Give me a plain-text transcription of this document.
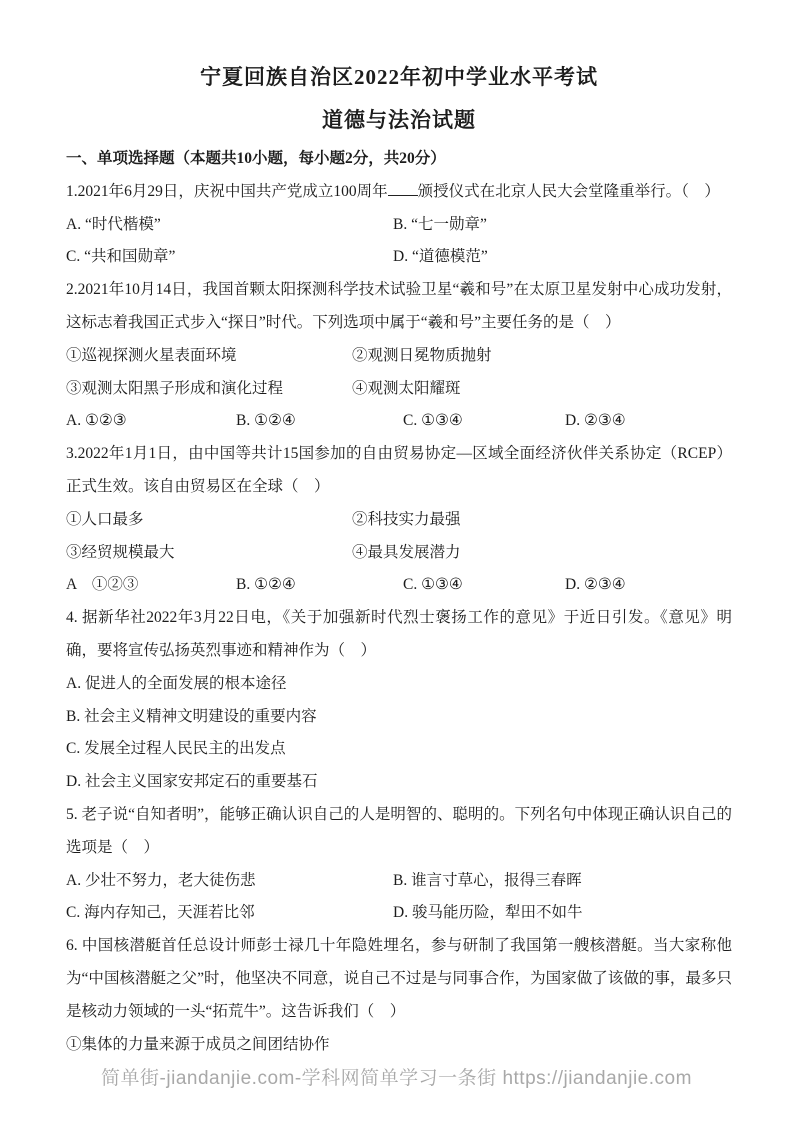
宁夏回族自治区2022年初中学业水平考试
道德与法治试题
一、单项选择题（本题共10小题，每小题2分，共20分）

1.2021年6月29日，庆祝中国共产党成立100周年 颁授仪式在北京人民大会堂隆重举行。（　）

A. “时代楷模”	B. “七一勋章”
C. “共和国勋章”	D. “道德模范”

2.2021年10月14日，我国首颗太阳探测科学技术试验卫星“羲和号”在太原卫星发射中心成功发射，这标志着我国正式步入“探日”时代。下列选项中属于“羲和号”主要任务的是（　）

①巡视探测火星表面环境	②观测日冕物质抛射
③观测太阳黑子形成和演化过程	④观测太阳耀斑
A. ①②③	B. ①②④	C. ①③④	D. ②③④

3.2022年1月1日，由中国等共计15国参加的自由贸易协定—区域全面经济伙伴关系协定（RCEP）正式生效。该自由贸易区在全球（　）

①人口最多	②科技实力最强
③经贸规模最大	④最具发展潜力
A　①②③	B. ①②④	C. ①③④	D. ②③④

4. 据新华社2022年3月22日电，《关于加强新时代烈士褒扬工作的意见》于近日引发。《意见》明确，要将宣传弘扬英烈事迹和精神作为（　）

A. 促进人的全面发展的根本途径
B. 社会主义精神文明建设的重要内容
C. 发展全过程人民民主的出发点
D. 社会主义国家安邦定石的重要基石

5. 老子说“自知者明”，能够正确认识自己的人是明智的、聪明的。下列名句中体现正确认识自己的选项是（　）

A. 少壮不努力，老大徒伤悲	B. 谁言寸草心，报得三春晖
C. 海内存知己，天涯若比邻	D. 骏马能历险，犁田不如牛

6. 中国核潜艇首任总设计师彭士禄几十年隐姓埋名，参与研制了我国第一艘核潜艇。当大家称他为“中国核潜艇之父”时，他坚决不同意，说自己不过是与同事合作，为国家做了该做的事，最多只是核动力领域的一头“拓荒牛”。这告诉我们（　）

①集体的力量来源于成员之间团结协作
简单街-jiandanjie.com-学科网简单学习一条街 https://jiandanjie.com
